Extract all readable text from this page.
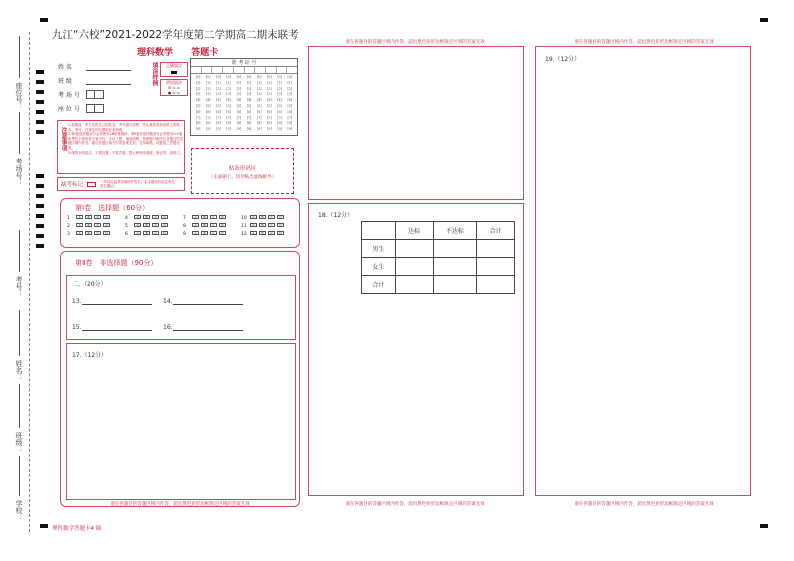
座位号：
考场号：
考号：
姓名：
班级：
学校：
九江“六校”2021-2022学年度第二学期高二期末联考
姓 名
班 级
考 场 号
座 位 号
理科数学 答题卡
填涂样例	正确填涂
错误填涂
☒ ▭ ▭
● ▭ ▭
准 考 证 号
[0] [0] [0] [0] [0] [0] [0] [0] [0] [0]
[1] [1] [1] [1] [1] [1] [1] [1] [1] [1]
[2] [2] [2] [2] [2] [2] [2] [2] [2] [2]
[3] [3] [3] [3] [3] [3] [3] [3] [3] [3]
[4] [4] [4] [4] [4] [4] [4] [4] [4] [4]
[5] [5] [5] [5] [5] [5] [5] [5] [5] [5]
[6] [6] [6] [6] [6] [6] [6] [6] [6] [6]
[7] [7] [7] [7] [7] [7] [7] [7] [7] [7]
[8] [8] [8] [8] [8] [8] [8] [8] [8] [8]
[9] [9] [9] [9] [9] [9] [9] [9] [9] [9]
注意事项
1.答题前，考生先将自己的姓名、考号填写清楚，并认真核准条形码上的姓名、考号，在规定的位置贴好条形码。
2.第Ⅰ卷选择题部分必须使用2B铅笔填涂；第Ⅱ卷非选择题部分必须使用0.5毫米黑色字迹的签字笔书写，字体工整，笔迹清楚。按照题号顺序在各题目的答题区域内作答，超出答题区域书写的答案无效；在草稿纸、试题卷上答题无效。
3.保持卡面清洁，不要折叠，不要弄破，禁止使用涂改液、修正带、刮纸刀。
贴条形码区
（正面朝上，切勿贴出虚线框外）
缺考标记	（考试由监考员填涂并签名，本卡填涂后由监考员签名确认）
第Ⅰ卷　选择题（60分）
1	A B C D
2	A B C D
3	A B C D
4	A B C D
5	A B C D
6	A B C D
7	A B C D
8	A B C D
9	A B C D
10 A B C D
11 A B C D
12 A B C D
第Ⅱ卷　非选择题（90分）
二、（20分）
13.	14.
15.	16.
17.（12分）
请在各题目的答题区域内作答，超出黑色矩形边框限定区域的答案无效
18.（12分）
	达标	不达标	合计
男生			
女生			
合计			
请在各题目的答题区域内作答，超出黑色矩形边框限定区域的答案无效
请在各题目的答题区域内作答，超出黑色矩形边框限定区域的答案无效
请在各题目的答题区域内作答，超出黑色矩形边框限定区域的答案无效
19.（12分）
请在各题目的答题区域内作答，超出黑色矩形边框限定区域的答案无效
理科数学答题卡4 圈
